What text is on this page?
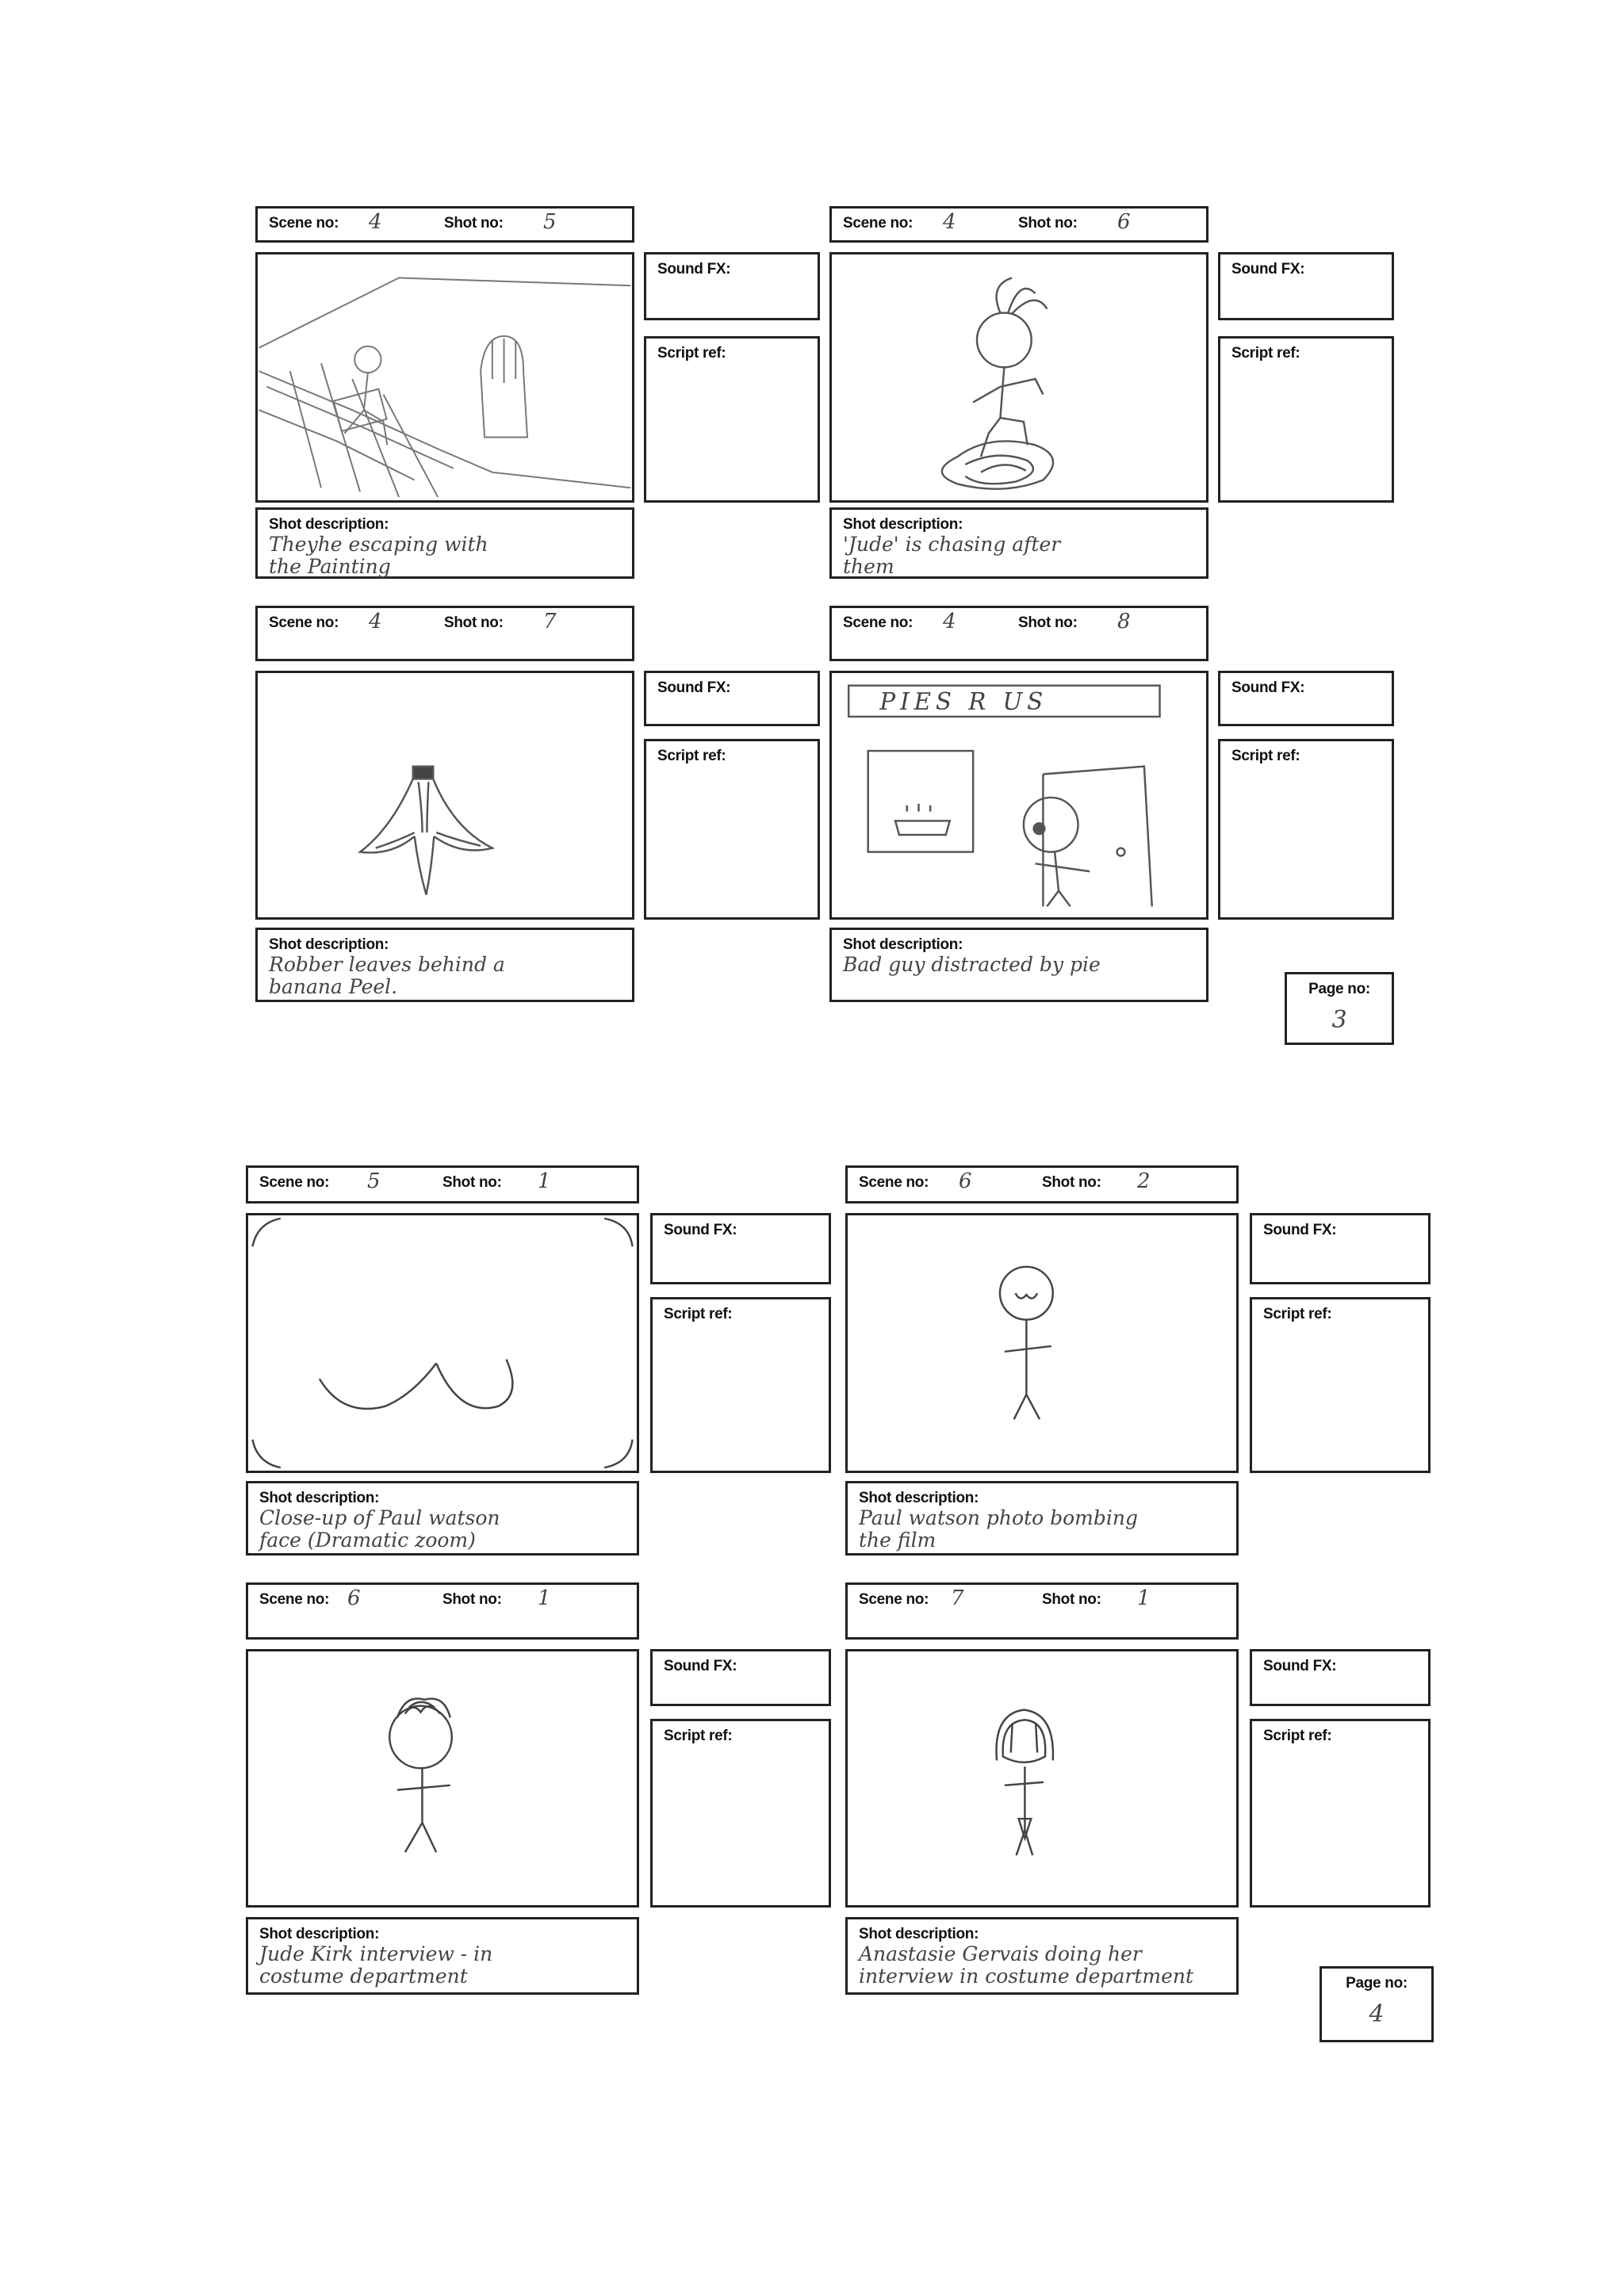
Scene no: 4	Shot no: 5
Sound FX:
Script ref:
Shot description:
Theyhe escaping with
the Painting
Scene no: 4	Shot no: 6
Sound FX:
Script ref:
Shot description:
'Jude' is chasing after
them
Scene no: 4	Shot no: 7
Sound FX:
Script ref:
Shot description:
Robber leaves behind a
banana Peel.
Scene no: 4	Shot no: 8
PIES R US
Sound FX:
Script ref:
Shot description:
Bad guy distracted by pie
Page no:
3
Scene no: 5	Shot no: 1
Sound FX:
Script ref:
Shot description:
Close-up of Paul watson
face (Dramatic zoom)
Scene no: 6	Shot no: 2
Sound FX:
Script ref:
Shot description:
Paul watson photo bombing
the film
Scene no: 6	Shot no: 1
Sound FX:
Script ref:
Shot description:
Jude Kirk interview - in
costume department
Scene no: 7	Shot no: 1
Sound FX:
Script ref:
Shot description:
Anastasie Gervais doing her
interview in costume department	Page no:
4
